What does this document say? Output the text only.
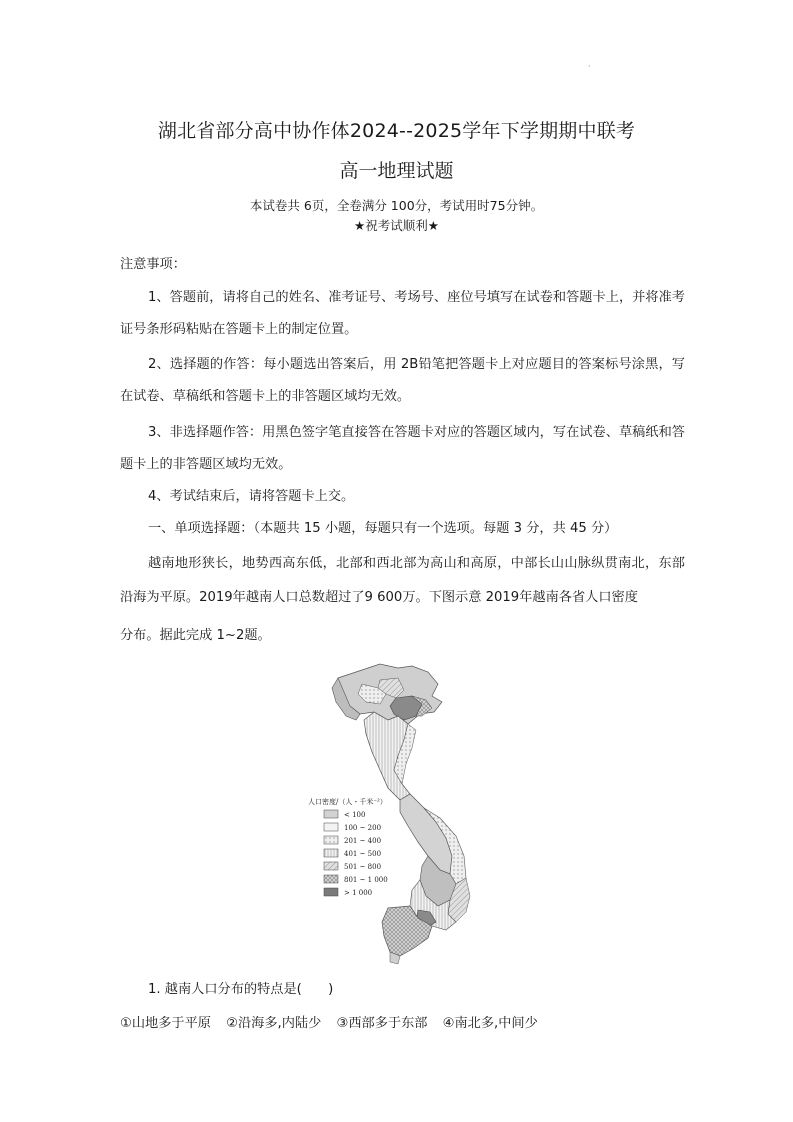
·
湖北省部分高中协作体2024--2025学年下学期期中联考
高一地理试题
本试卷共 6页，全卷满分 100分，考试用时75分钟。
★祝考试顺利★
注意事项：
1、答题前，请将自己的姓名、准考证号、考场号、座位号填写在试卷和答题卡上，并将准考证号条形码粘贴在答题卡上的制定位置。
2、选择题的作答：每小题选出答案后，用 2B铅笔把答题卡上对应题目的答案标号涂黑，写在试卷、草稿纸和答题卡上的非答题区域均无效。
3、非选择题作答：用黑色签字笔直接答在答题卡对应的答题区域内，写在试卷、草稿纸和答题卡上的非答题区域均无效。
4、考试结束后，请将答题卡上交。
一、单项选择题：（本题共 15 小题，每题只有一个选项。每题 3 分，共 45 分）
越南地形狭长，地势西高东低，北部和西北部为高山和高原，中部长山山脉纵贯南北，东部沿海为平原。2019年越南人口总数超过了9 600万。下图示意 2019年越南各省人口密度
分布。据此完成 1~2题。
人口密度/（人・千米⁻²）
< 100
100 ~ 200
201 ~ 400
401 ~ 500
501 ~ 800
801 ~ 1 000
> 1 000
1. 越南人口分布的特点是(　　)
①山地多于平原 ②沿海多,内陆少 ③西部多于东部 ④南北多,中间少
